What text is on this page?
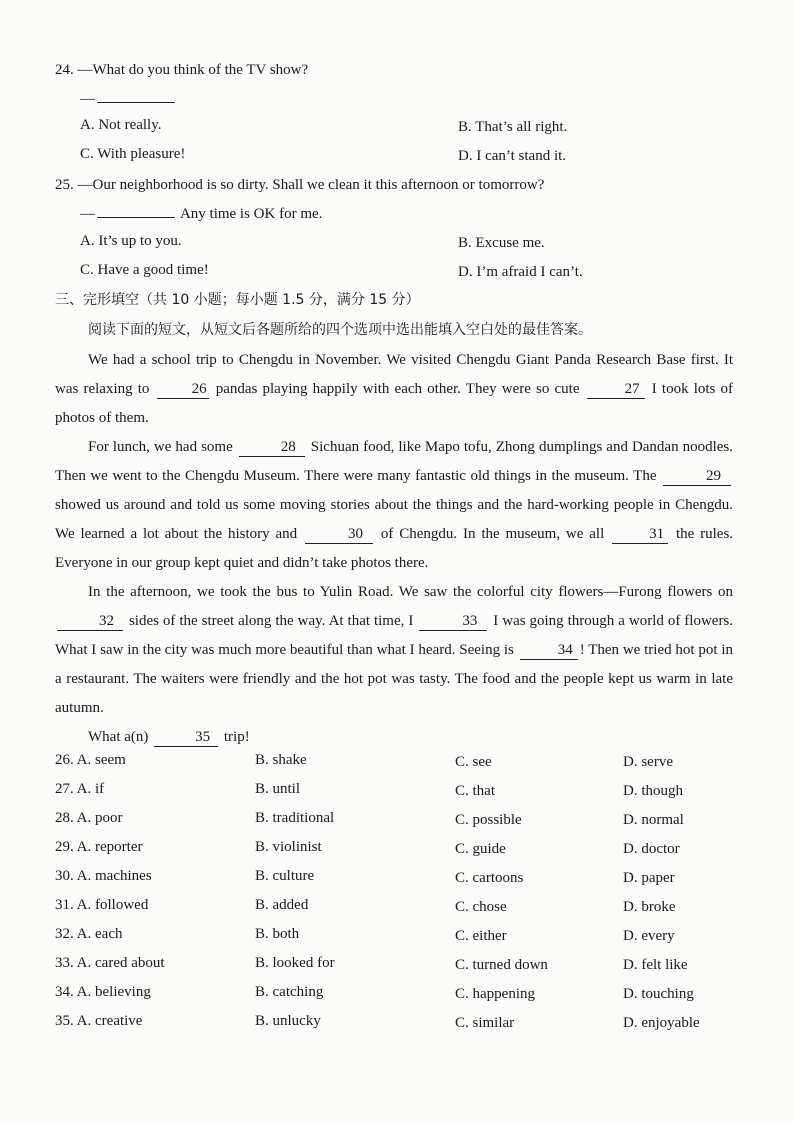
24. —What do you think of the TV show?
—
A. Not really.	B. That’s all right.
C. With pleasure!	D. I can’t stand it.
25. —Our neighborhood is so dirty. Shall we clean it this afternoon or tomorrow?
—	Any time is OK for me.
A. It’s up to you.	B. Excuse me.
C. Have a good time!	D. I’m afraid I can’t.
三、完形填空（共 10 小题；每小题 1.5 分，满分 15 分）
阅读下面的短文，从短文后各题所给的四个选项中选出能填入空白处的最佳答案。

We had a school trip to Chengdu in November. We visited Chengdu Giant Panda Research Base first. It was relaxing to	26 pandas playing happily with each other. They were so cute	27 I took lots of photos of them.

For lunch, we had some	28 Sichuan food, like Mapo tofu, Zhong dumplings and Dandan noodles. Then we went to the Chengdu Museum. There were many fantastic old things in the museum. The	29 showed us around and told us some moving stories about the things and the hard-working people in Chengdu. We learned a lot about the history and	30 of Chengdu. In the museum, we all	31 the rules. Everyone in our group kept quiet and didn’t take photos there.

In the afternoon, we took the bus to Yulin Road. We saw the colorful city flowers—Furong flowers on 32 sides of the street along the way. At that time, I	33 I was going through a world of flowers. What I saw in the city was much more beautiful than what I heard. Seeing is	34 ! Then we tried hot pot in a restaurant. The waiters were friendly and the hot pot was tasty. The food and the people kept us warm in late autumn.

What a(n)	35 trip!

26. A. seem	B. shake	C. see	D. serve
27. A. if	B. until	C. that	D. though
28. A. poor	B. traditional	C. possible	D. normal
29. A. reporter	B. violinist	C. guide	D. doctor
30. A. machines	B. culture	C. cartoons	D. paper
31. A. followed	B. added	C. chose	D. broke
32. A. each	B. both	C. either	D. every
33. A. cared about	B. looked for	C. turned down	D. felt like
34. A. believing	B. catching	C. happening	D. touching
35. A. creative	B. unlucky	C. similar	D. enjoyable
